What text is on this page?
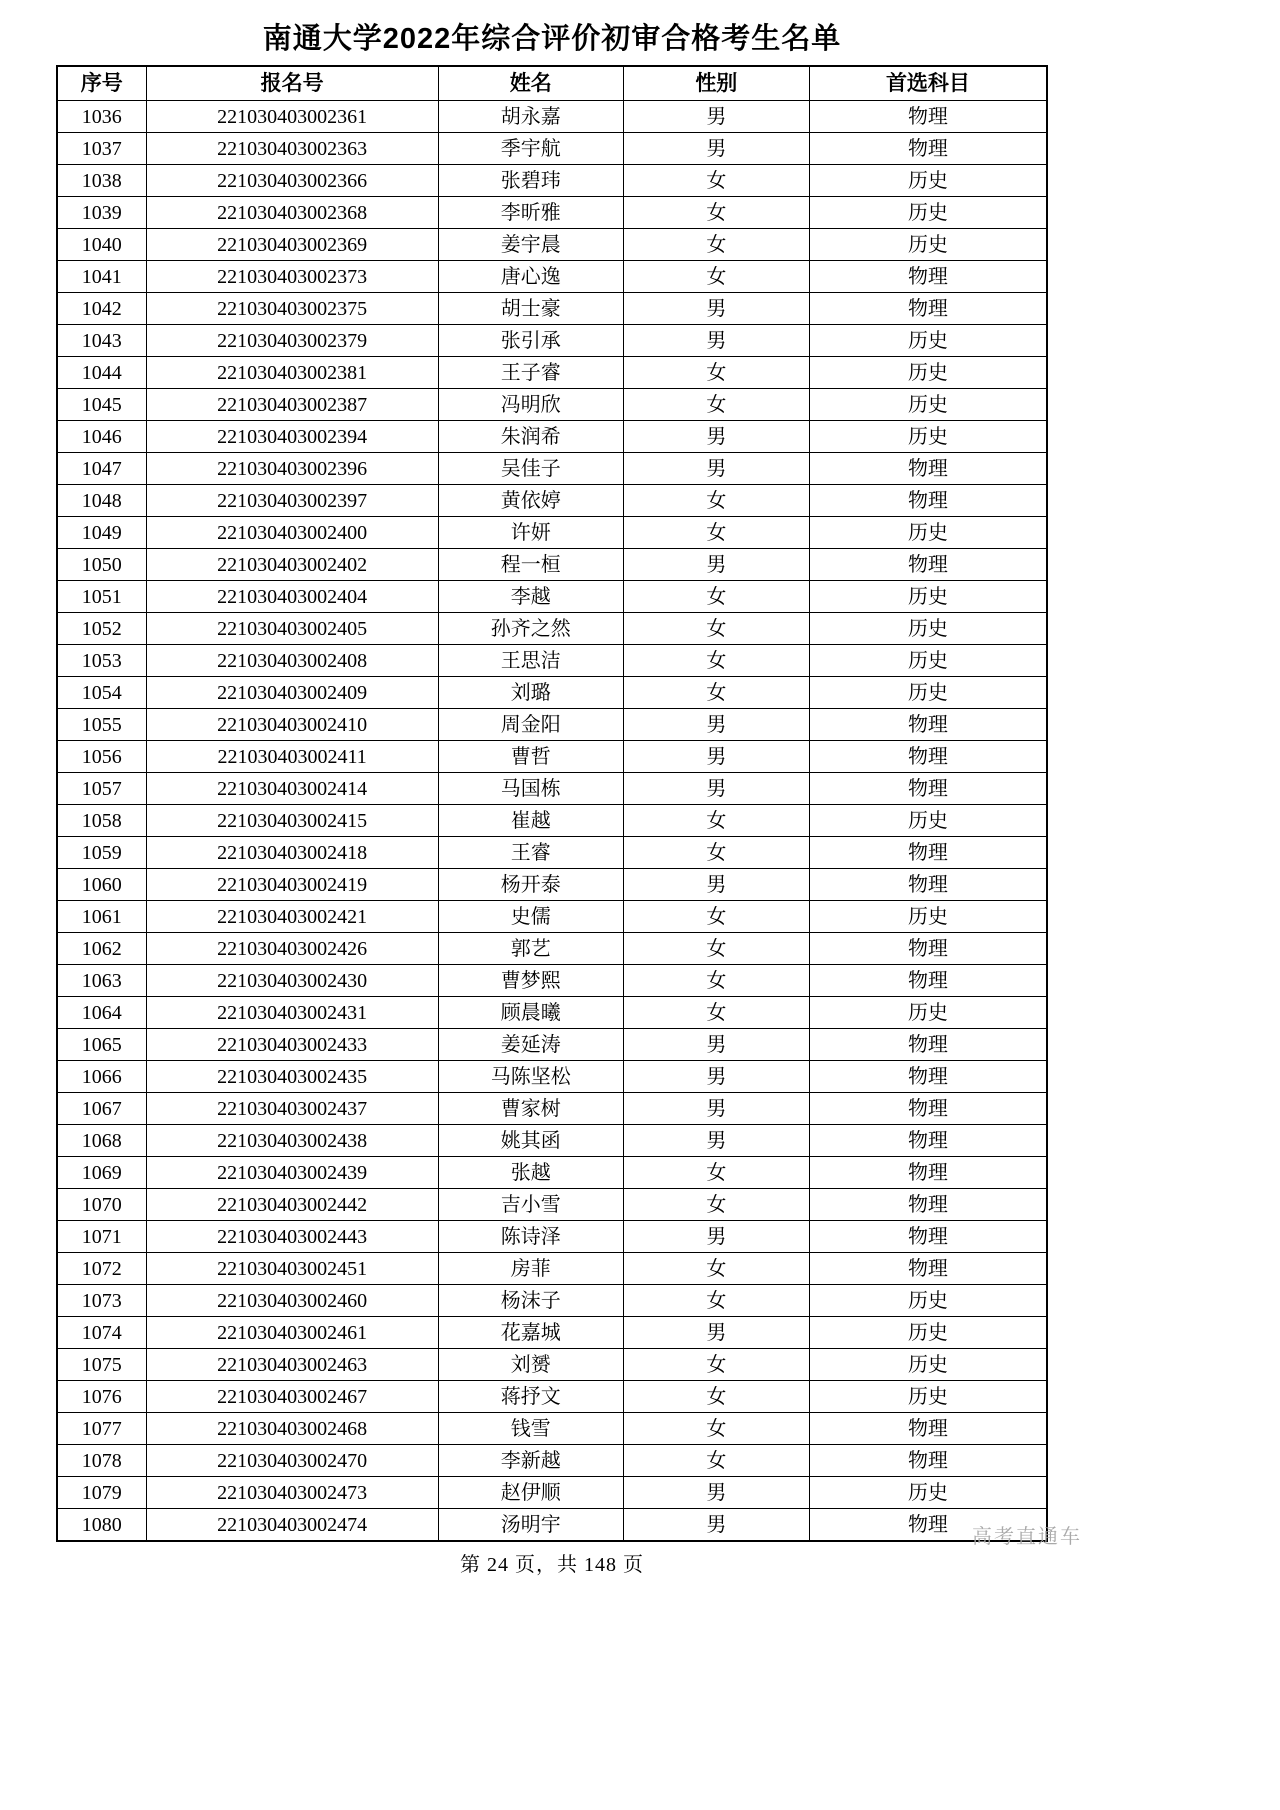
南通大学2022年综合评价初审合格考生名单
序号	报名号	姓名	性别	首选科目
1036	221030403002361	胡永嘉	男	物理
1037	221030403002363	季宇航	男	物理
1038	221030403002366	张碧玮	女	历史
1039	221030403002368	李昕雅	女	历史
1040	221030403002369	姜宇晨	女	历史
1041	221030403002373	唐心逸	女	物理
1042	221030403002375	胡士豪	男	物理
1043	221030403002379	张引承	男	历史
1044	221030403002381	王子睿	女	历史
1045	221030403002387	冯明欣	女	历史
1046	221030403002394	朱润希	男	历史
1047	221030403002396	吴佳子	男	物理
1048	221030403002397	黄依婷	女	物理
1049	221030403002400	许妍	女	历史
1050	221030403002402	程一桓	男	物理
1051	221030403002404	李越	女	历史
1052	221030403002405	孙齐之然	女	历史
1053	221030403002408	王思洁	女	历史
1054	221030403002409	刘璐	女	历史
1055	221030403002410	周金阳	男	物理
1056	221030403002411	曹哲	男	物理
1057	221030403002414	马国栋	男	物理
1058	221030403002415	崔越	女	历史
1059	221030403002418	王睿	女	物理
1060	221030403002419	杨开泰	男	物理
1061	221030403002421	史儒	女	历史
1062	221030403002426	郭艺	女	物理
1063	221030403002430	曹梦熙	女	物理
1064	221030403002431	顾晨曦	女	历史
1065	221030403002433	姜延涛	男	物理
1066	221030403002435	马陈坚松	男	物理
1067	221030403002437	曹家树	男	物理
1068	221030403002438	姚其函	男	物理
1069	221030403002439	张越	女	物理
1070	221030403002442	吉小雪	女	物理
1071	221030403002443	陈诗泽	男	物理
1072	221030403002451	房菲	女	物理
1073	221030403002460	杨沫子	女	历史
1074	221030403002461	花嘉城	男	历史
1075	221030403002463	刘赟	女	历史
1076	221030403002467	蒋抒文	女	历史
1077	221030403002468	钱雪	女	物理
1078	221030403002470	李新越	女	物理
1079	221030403002473	赵伊顺	男	历史
1080	221030403002474	汤明宇	男	物理
第 24 页，共 148 页
高考直通车
